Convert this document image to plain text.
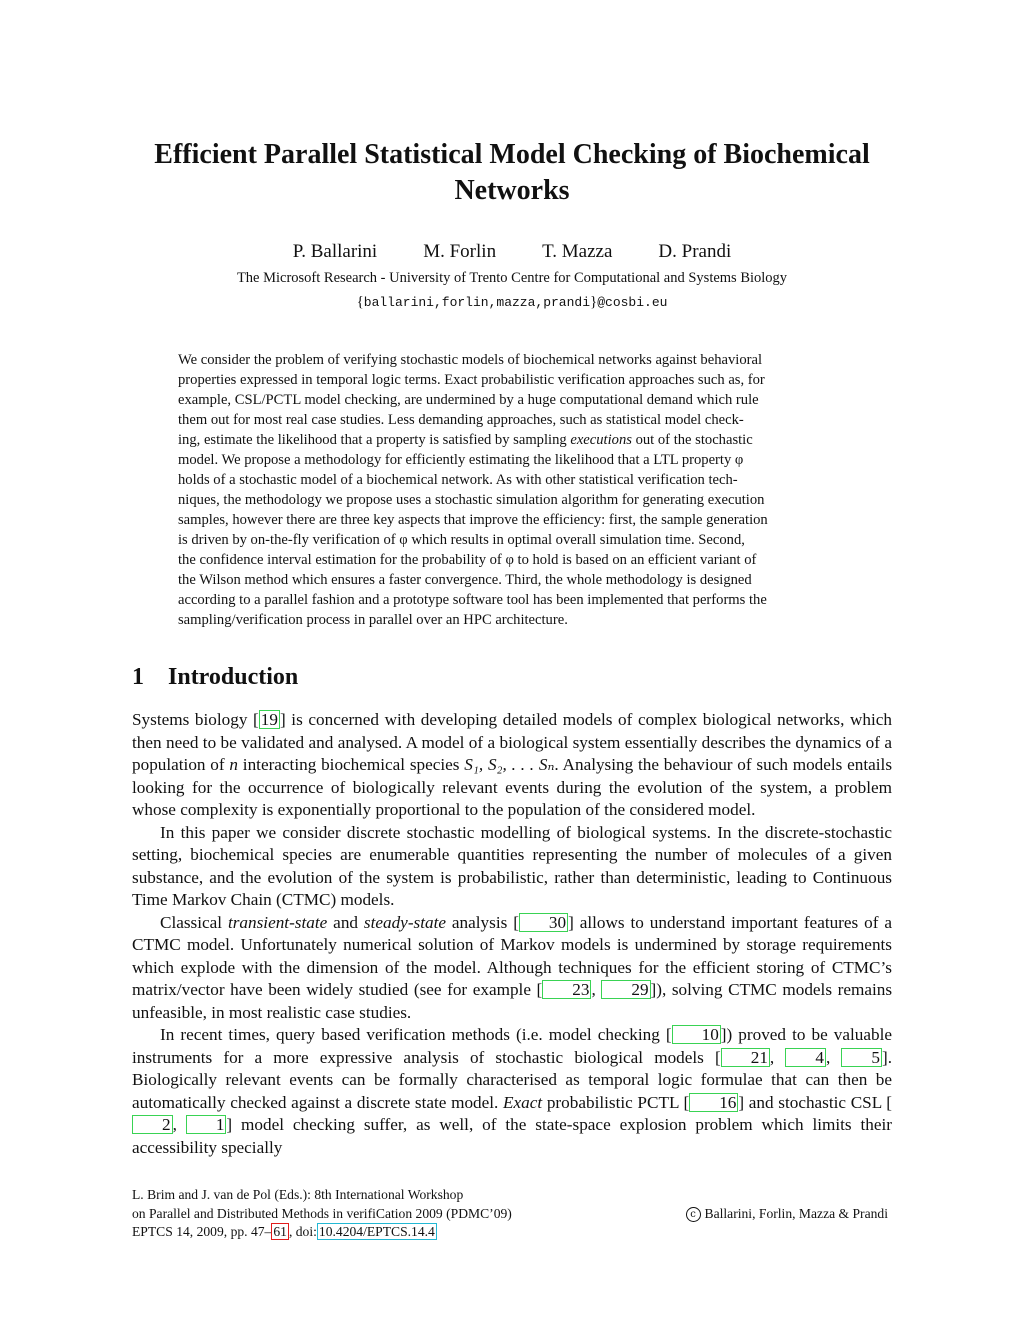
Efficient Parallel Statistical Model Checking of Biochemical
Networks
P. Ballarini M. Forlin T. Mazza D. Prandi
The Microsoft Research - University of Trento Centre for Computational and Systems Biology
{ballarini,forlin,mazza,prandi}@cosbi.eu
We consider the problem of verifying stochastic models of biochemical networks against behavioral
properties expressed in temporal logic terms. Exact probabilistic verification approaches such as, for
example, CSL/PCTL model checking, are undermined by a huge computational demand which rule
them out for most real case studies. Less demanding approaches, such as statistical model check-
ing, estimate the likelihood that a property is satisfied by sampling executions out of the stochastic
model. We propose a methodology for efficiently estimating the likelihood that a LTL property φ
holds of a stochastic model of a biochemical network. As with other statistical verification tech-
niques, the methodology we propose uses a stochastic simulation algorithm for generating execution
samples, however there are three key aspects that improve the efficiency: first, the sample generation
is driven by on-the-fly verification of φ which results in optimal overall simulation time. Second,
the confidence interval estimation for the probability of φ to hold is based on an efficient variant of
the Wilson method which ensures a faster convergence. Third, the whole methodology is designed
according to a parallel fashion and a prototype software tool has been implemented that performs the
sampling/verification process in parallel over an HPC architecture.
1 Introduction

Systems biology [ 19 ] is concerned with developing detailed models of complex biological networks, which then need to be validated and analysed. A model of a biological system essentially describes the dynamics of a population of n interacting biochemical species S₁, S₂, . . . Sₙ. Analysing the behaviour of such models entails looking for the occurrence of biologically relevant events during the evolution of the system, a problem whose complexity is exponentially proportional to the population of the considered model.

In this paper we consider discrete stochastic modelling of biological systems. In the discrete-stochastic setting, biochemical species are enumerable quantities representing the number of molecules of a given substance, and the evolution of the system is probabilistic, rather than deterministic, leading to Continuous Time Markov Chain (CTMC) models.

Classical transient-state and steady-state analysis [ 30 ] allows to understand important features of a CTMC model. Unfortunately numerical solution of Markov models is undermined by storage requirements which explode with the dimension of the model. Although techniques for the efficient storing of CTMC’s matrix/vector have been widely studied (see for example [ 23 , 29 ]), solving CTMC models remains unfeasible, in most realistic case studies.

In recent times, query based verification methods (i.e. model checking [ 10 ]) proved to be valuable instruments for a more expressive analysis of stochastic biological models [ 21 , 4 , 5 ]. Biologically relevant events can be formally characterised as temporal logic formulae that can then be automatically checked against a discrete state model. Exact probabilistic PCTL [ 16 ] and stochastic CSL [2 , 1 ] model checking suffer, as well, of the state-space explosion problem which limits their accessibility specially

L. Brim and J. van de Pol (Eds.): 8th International Workshop
on Parallel and Distributed Methods in verifiCation 2009 (PDMC’09)
EPTCS 14, 2009, pp. 47– 61 , doi: 10.4204/EPTCS.14.4
c Ballarini, Forlin, Mazza & Prandi
